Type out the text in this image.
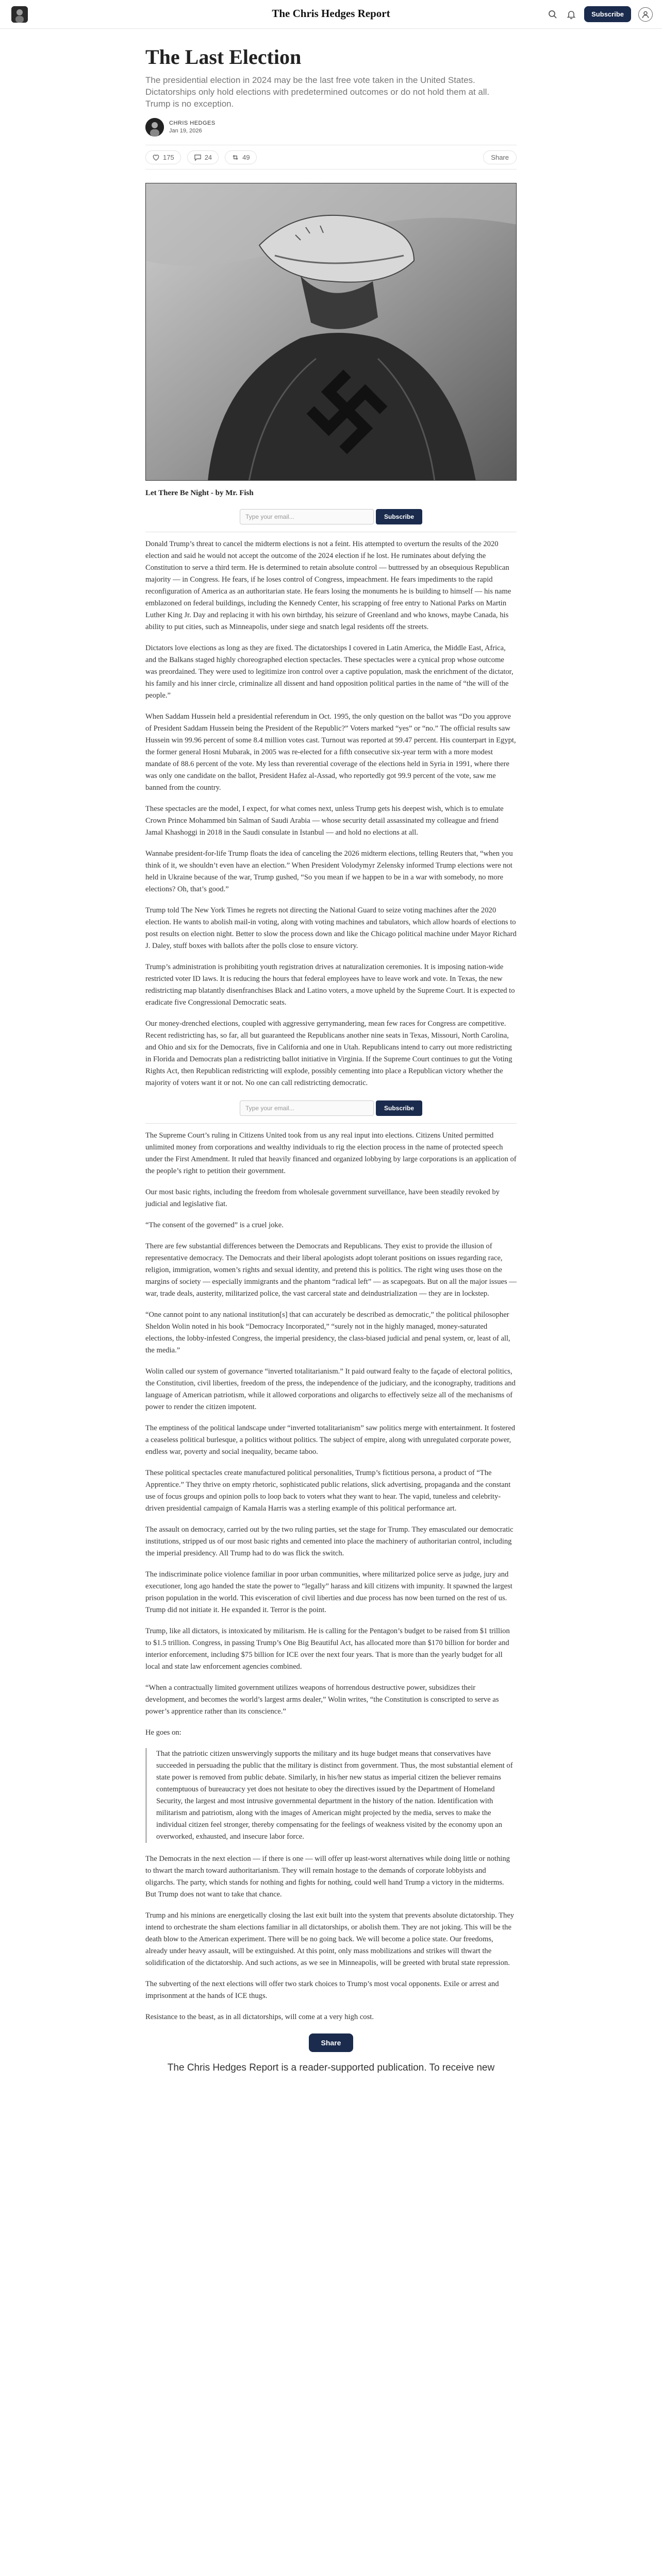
The Chris Hedges Report	Subscribe
The Last Election
The presidential election in 2024 may be the last free vote taken in the United States. Dictatorships only hold elections with predetermined outcomes or do not hold them at all. Trump is no exception.
CHRIS HEDGES
Jan 19, 2026
175	24	49	Share
Let There Be Night - by Mr. Fish
Type your email...	Subscribe

Donald Trump’s threat to cancel the midterm elections is not a feint. His attempted to overturn the results of the 2020 election and said he would not accept the outcome of the 2024 election if he lost. He ruminates about defying the Constitution to serve a third term. He is determined to retain absolute control — buttressed by an obsequious Republican majority — in Congress. He fears, if he loses control of Congress, impeachment. He fears impediments to the rapid reconfiguration of America as an authoritarian state. He fears losing the monuments he is building to himself — his name emblazoned on federal buildings, including the Kennedy Center, his scrapping of free entry to National Parks on Martin Luther King Jr. Day and replacing it with his own birthday, his seizure of Greenland and who knows, maybe Canada, his ability to put cities, such as Minneapolis, under siege and snatch legal residents off the streets.

Dictators love elections as long as they are fixed. The dictatorships I covered in Latin America, the Middle East, Africa, and the Balkans staged highly choreographed election spectacles. These spectacles were a cynical prop whose outcome was preordained. They were used to legitimize iron control over a captive population, mask the enrichment of the dictator, his family and his inner circle, criminalize all dissent and hand opposition political parties in the name of “the will of the people.”

When Saddam Hussein held a presidential referendum in Oct. 1995, the only question on the ballot was “Do you approve of President Saddam Hussein being the President of the Republic?” Voters marked “yes” or “no.” The official results saw Hussein win 99.96 percent of some 8.4 million votes cast. Turnout was reported at 99.47 percent. His counterpart in Egypt, the former general Hosni Mubarak, in 2005 was re-elected for a fifth consecutive six-year term with a more modest mandate of 88.6 percent of the vote. My less than reverential coverage of the elections held in Syria in 1991, where there was only one candidate on the ballot, President Hafez al-Assad, who reportedly got 99.9 percent of the vote, saw me banned from the country.

These spectacles are the model, I expect, for what comes next, unless Trump gets his deepest wish, which is to emulate Crown Prince Mohammed bin Salman of Saudi Arabia — whose security detail assassinated my colleague and friend Jamal Khashoggi in 2018 in the Saudi consulate in Istanbul — and hold no elections at all.

Wannabe president-for-life Trump floats the idea of canceling the 2026 midterm elections, telling Reuters that, “when you think of it, we shouldn’t even have an election.” When President Volodymyr Zelensky informed Trump elections were not held in Ukraine because of the war, Trump gushed, “So you mean if we happen to be in a war with somebody, no more elections? Oh, that’s good.”

Trump told The New York Times he regrets not directing the National Guard to seize voting machines after the 2020 election. He wants to abolish mail-in voting, along with voting machines and tabulators, which allow hoards of elections to post results on election night. Better to slow the process down and like the Chicago political machine under Mayor Richard J. Daley, stuff boxes with ballots after the polls close to ensure victory.

Trump’s administration is prohibiting youth registration drives at naturalization ceremonies. It is imposing nation-wide restricted voter ID laws. It is reducing the hours that federal employees have to leave work and vote. In Texas, the new redistricting map blatantly disenfranchises Black and Latino voters, a move upheld by the Supreme Court. It is expected to eradicate five Congressional Democratic seats.

Our money-drenched elections, coupled with aggressive gerrymandering, mean few races for Congress are competitive. Recent redistricting has, so far, all but guaranteed the Republicans another nine seats in Texas, Missouri, North Carolina, and Ohio and six for the Democrats, five in California and one in Utah. Republicans intend to carry out more redistricting in Florida and Democrats plan a redistricting ballot initiative in Virginia. If the Supreme Court continues to gut the Voting Rights Act, then Republican redistricting will explode, possibly cementing into place a Republican victory whether the majority of voters want it or not. No one can call redistricting democratic.

Type your email...	Subscribe

The Supreme Court’s ruling in Citizens United took from us any real input into elections. Citizens United permitted unlimited money from corporations and wealthy individuals to rig the election process in the name of protected speech under the First Amendment. It ruled that heavily financed and organized lobbying by large corporations is an application of the people’s right to petition their government.

Our most basic rights, including the freedom from wholesale government surveillance, have been steadily revoked by judicial and legislative fiat.

“The consent of the governed” is a cruel joke.

There are few substantial differences between the Democrats and Republicans. They exist to provide the illusion of representative democracy. The Democrats and their liberal apologists adopt tolerant positions on issues regarding race, religion, immigration, women’s rights and sexual identity, and pretend this is politics. The right wing uses those on the margins of society — especially immigrants and the phantom “radical left” — as scapegoats. But on all the major issues — war, trade deals, austerity, militarized police, the vast carceral state and deindustrialization — they are in lockstep.

“One cannot point to any national institution[s] that can accurately be described as democratic,” the political philosopher Sheldon Wolin noted in his book “Democracy Incorporated,” “surely not in the highly managed, money-saturated elections, the lobby-infested Congress, the imperial presidency, the class-biased judicial and penal system, or, least of all, the media.”

Wolin called our system of governance “inverted totalitarianism.” It paid outward fealty to the façade of electoral politics, the Constitution, civil liberties, freedom of the press, the independence of the judiciary, and the iconography, traditions and language of American patriotism, while it allowed corporations and oligarchs to effectively seize all of the mechanisms of power to render the citizen impotent.

The emptiness of the political landscape under “inverted totalitarianism” saw politics merge with entertainment. It fostered a ceaseless political burlesque, a politics without politics. The subject of empire, along with unregulated corporate power, endless war, poverty and social inequality, became taboo.

These political spectacles create manufactured political personalities, Trump’s fictitious persona, a product of “The Apprentice.” They thrive on empty rhetoric, sophisticated public relations, slick advertising, propaganda and the constant use of focus groups and opinion polls to loop back to voters what they want to hear. The vapid, tuneless and celebrity-driven presidential campaign of Kamala Harris was a sterling example of this political performance art.

The assault on democracy, carried out by the two ruling parties, set the stage for Trump. They emasculated our democratic institutions, stripped us of our most basic rights and cemented into place the machinery of authoritarian control, including the imperial presidency. All Trump had to do was flick the switch.

The indiscriminate police violence familiar in poor urban communities, where militarized police serve as judge, jury and executioner, long ago handed the state the power to “legally” harass and kill citizens with impunity. It spawned the largest prison population in the world. This evisceration of civil liberties and due process has now been turned on the rest of us. Trump did not initiate it. He expanded it. Terror is the point.

Trump, like all dictators, is intoxicated by militarism. He is calling for the Pentagon’s budget to be raised from $1 trillion to $1.5 trillion. Congress, in passing Trump’s One Big Beautiful Act, has allocated more than $170 billion for border and interior enforcement, including $75 billion for ICE over the next four years. That is more than the yearly budget for all local and state law enforcement agencies combined.

“When a contractually limited government utilizes weapons of horrendous destructive power, subsidizes their development, and becomes the world’s largest arms dealer,” Wolin writes, “the Constitution is conscripted to serve as power’s apprentice rather than its conscience.”

He goes on:

That the patriotic citizen unswervingly supports the military and its huge budget means that conservatives have succeeded in persuading the public that the military is distinct from government. Thus, the most substantial element of state power is removed from public debate. Similarly, in his/her new status as imperial citizen the believer remains contemptuous of bureaucracy yet does not hesitate to obey the directives issued by the Department of Homeland Security, the largest and most intrusive governmental department in the history of the nation. Identification with militarism and patriotism, along with the images of American might projected by the media, serves to make the individual citizen feel stronger, thereby compensating for the feelings of weakness visited by the economy upon an overworked, exhausted, and insecure labor force.

The Democrats in the next election — if there is one — will offer up least-worst alternatives while doing little or nothing to thwart the march toward authoritarianism. They will remain hostage to the demands of corporate lobbyists and oligarchs. The party, which stands for nothing and fights for nothing, could well hand Trump a victory in the midterms. But Trump does not want to take that chance.

Trump and his minions are energetically closing the last exit built into the system that prevents absolute dictatorship. They intend to orchestrate the sham elections familiar in all dictatorships, or abolish them. They are not joking. This will be the death blow to the American experiment. There will be no going back. We will become a police state. Our freedoms, already under heavy assault, will be extinguished. At this point, only mass mobilizations and strikes will thwart the solidification of the dictatorship. And such actions, as we see in Minneapolis, will be greeted with brutal state repression.

The subverting of the next elections will offer two stark choices to Trump’s most vocal opponents. Exile or arrest and imprisonment at the hands of ICE thugs.

Resistance to the beast, as in all dictatorships, will come at a very high cost.

Share
The Chris Hedges Report is a reader-supported publication. To receive new
